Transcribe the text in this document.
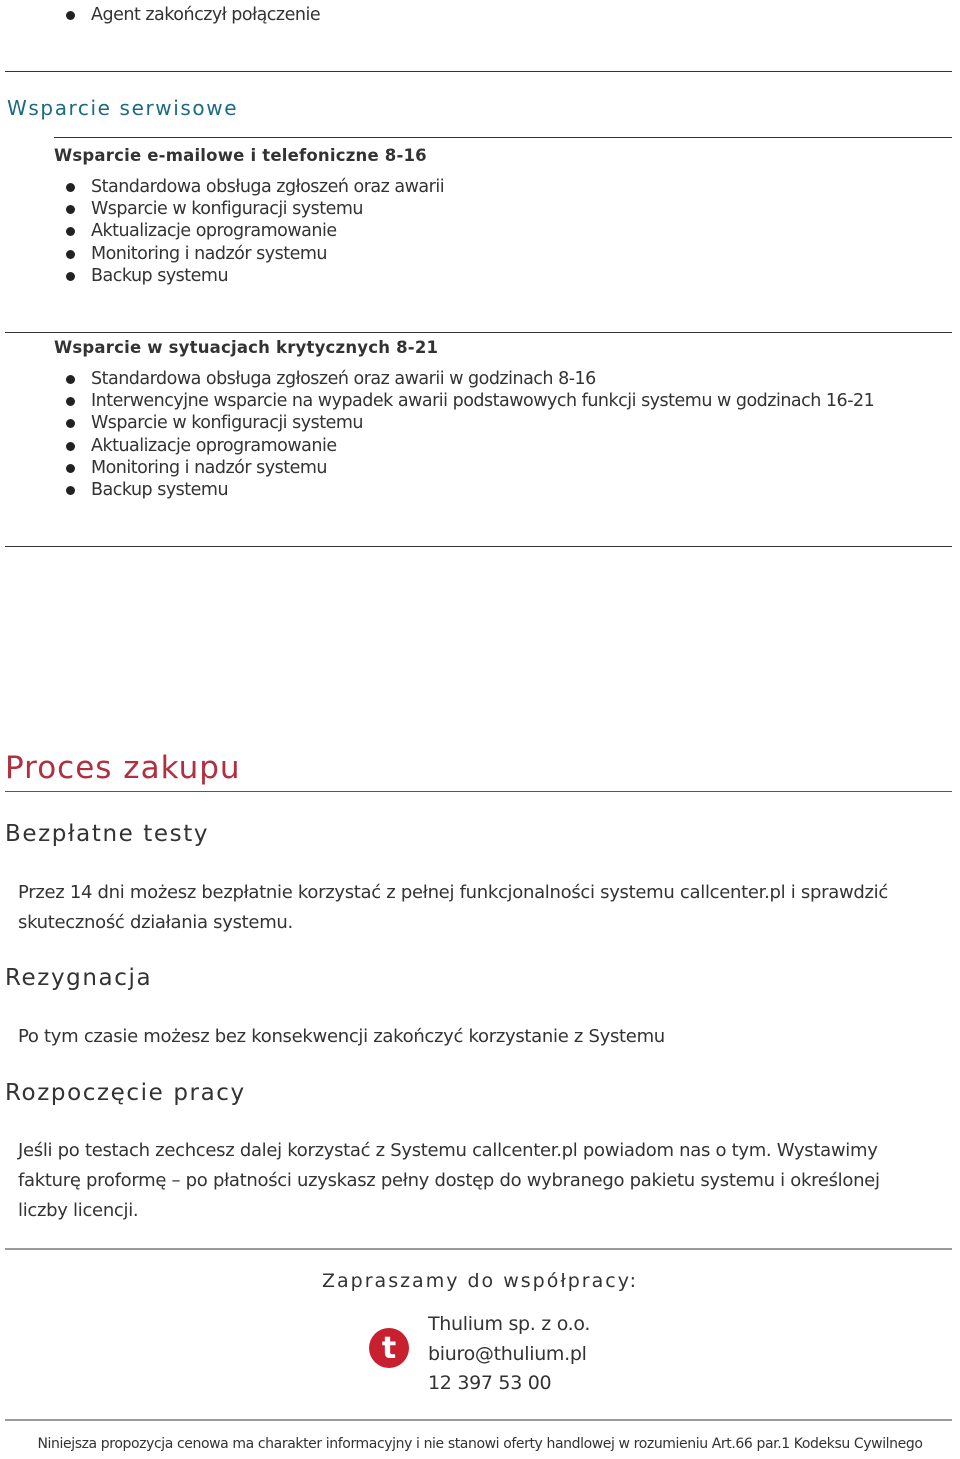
Agent zakończył połączenie
Wsparcie serwisowe
Wsparcie e-mailowe i telefoniczne 8-16
Standardowa obsługa zgłoszeń oraz awarii
Wsparcie w konfiguracji systemu
Aktualizacje oprogramowanie
Monitoring i nadzór systemu
Backup systemu
Wsparcie w sytuacjach krytycznych 8-21
Standardowa obsługa zgłoszeń oraz awarii w godzinach 8-16
Interwencyjne wsparcie na wypadek awarii podstawowych funkcji systemu w godzinach 16-21
Wsparcie w konfiguracji systemu
Aktualizacje oprogramowanie
Monitoring i nadzór systemu
Backup systemu
Proces zakupu
Bezpłatne testy
Przez 14 dni możesz bezpłatnie korzystać z pełnej funkcjonalności systemu callcenter.pl i sprawdzić skuteczność działania systemu.
Rezygnacja
Po tym czasie możesz bez konsekwencji zakończyć korzystanie z Systemu
Rozpoczęcie pracy
Jeśli po testach zechcesz dalej korzystać z Systemu callcenter.pl powiadom nas o tym. Wystawimy fakturę proformę – po płatności uzyskasz pełny dostęp do wybranego pakietu systemu i określonej liczby licencji.
Zapraszamy do współpracy:
t
Thulium sp. z o.o.
biuro@thulium.pl
12 397 53 00
Niniejsza propozycja cenowa ma charakter informacyjny i nie stanowi oferty handlowej w rozumieniu Art.66 par.1 Kodeksu Cywilnego
